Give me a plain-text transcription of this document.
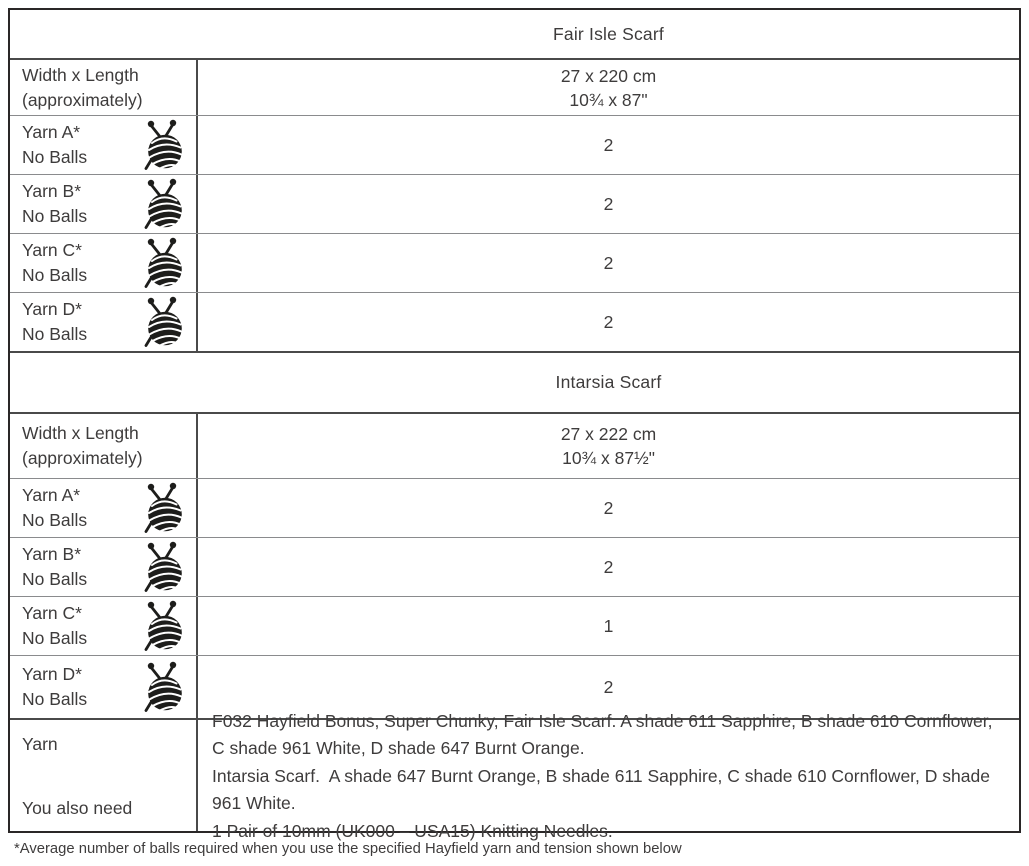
Fair Isle Scarf
Width x Length
(approximately)
27 x 220 cm
10¾ x 87"
Yarn A*
No Balls
2
Yarn B*
No Balls
2
Yarn C*
No Balls
2
Yarn D*
No Balls
2
Intarsia Scarf
Width x Length
(approximately)
27 x 222 cm
10¾ x 87½"
Yarn A*
No Balls
2
Yarn B*
No Balls
2
Yarn C*
No Balls
1
Yarn D*
No Balls
2
Yarn
You also need
F032 Hayfield Bonus, Super Chunky, Fair Isle Scarf. A shade 611 Sapphire, B shade 610 Cornflower,
C shade 961 White, D shade 647 Burnt Orange.
Intarsia Scarf.  A shade 647 Burnt Orange, B shade 611 Sapphire, C shade 610 Cornflower, D shade 961 White.
1 Pair of 10mm (UK000 – USA15) Knitting Needles.
*Average number of balls required when you use the specified Hayfield yarn and tension shown below
